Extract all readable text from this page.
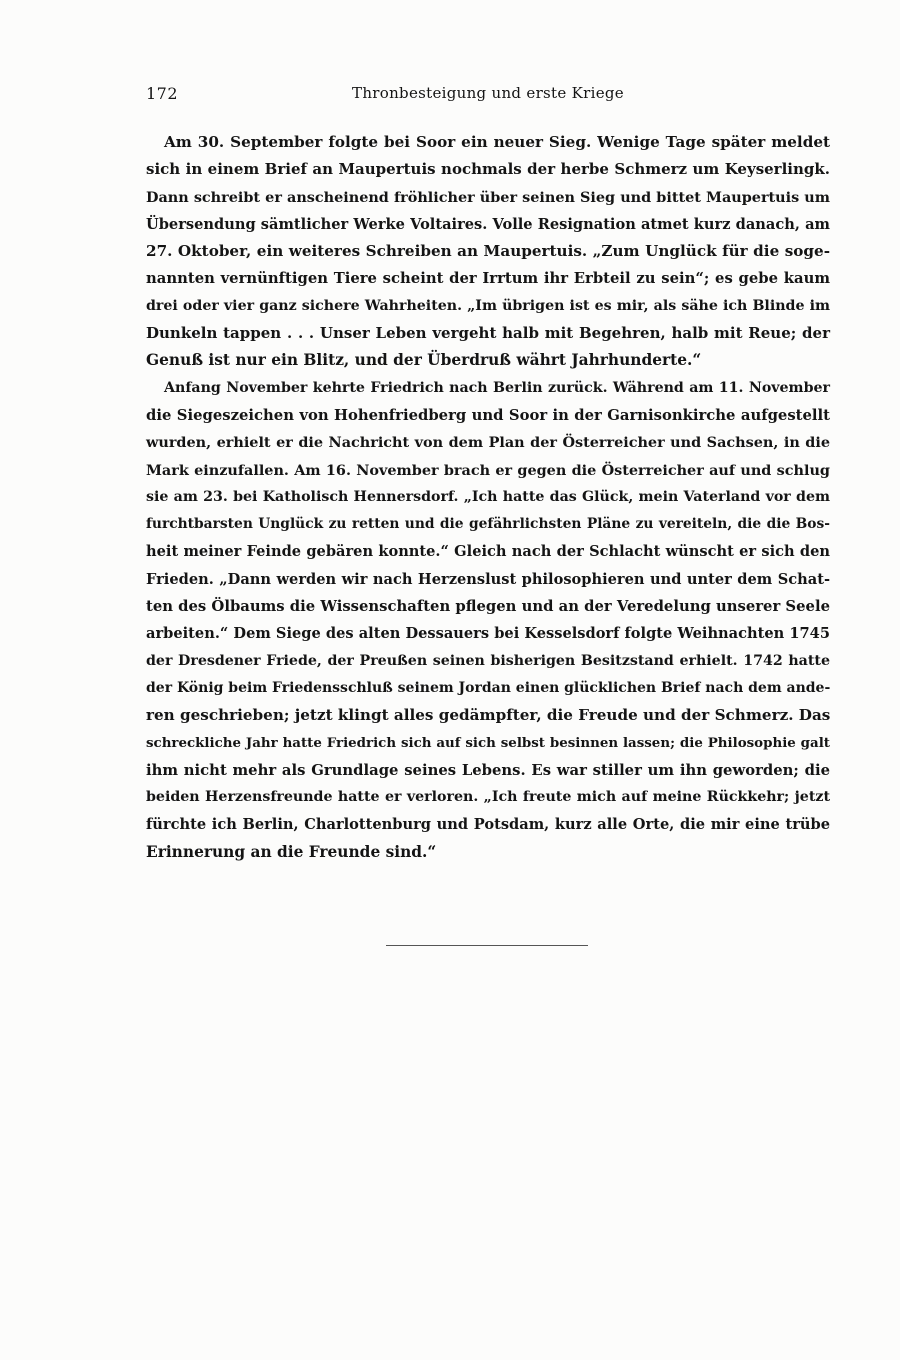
172	Thronbesteigung und erste Kriege
Am 30. September folgte bei Soor ein neuer Sieg. Wenige Tage später meldet
sich in einem Brief an Maupertuis nochmals der herbe Schmerz um Keyserlingk.
Dann schreibt er anscheinend fröhlicher über seinen Sieg und bittet Maupertuis um
Übersendung sämtlicher Werke Voltaires. Volle Resignation atmet kurz danach, am
27. Oktober, ein weiteres Schreiben an Maupertuis. „Zum Unglück für die soge-
nannten vernünftigen Tiere scheint der Irrtum ihr Erbteil zu sein“; es gebe kaum
drei oder vier ganz sichere Wahrheiten. „Im übrigen ist es mir, als sähe ich Blinde im
Dunkeln tappen . . . Unser Leben vergeht halb mit Begehren, halb mit Reue; der
Genuß ist nur ein Blitz, und der Überdruß währt Jahrhunderte.“
Anfang November kehrte Friedrich nach Berlin zurück. Während am 11. November
die Siegeszeichen von Hohenfriedberg und Soor in der Garnisonkirche aufgestellt
wurden, erhielt er die Nachricht von dem Plan der Österreicher und Sachsen, in die
Mark einzufallen. Am 16. November brach er gegen die Österreicher auf und schlug
sie am 23. bei Katholisch Hennersdorf. „Ich hatte das Glück, mein Vaterland vor dem
furchtbarsten Unglück zu retten und die gefährlichsten Pläne zu vereiteln, die die Bos-
heit meiner Feinde gebären konnte.“ Gleich nach der Schlacht wünscht er sich den
Frieden. „Dann werden wir nach Herzenslust philosophieren und unter dem Schat-
ten des Ölbaums die Wissenschaften pflegen und an der Veredelung unserer Seele
arbeiten.“ Dem Siege des alten Dessauers bei Kesselsdorf folgte Weihnachten 1745
der Dresdener Friede, der Preußen seinen bisherigen Besitzstand erhielt. 1742 hatte
der König beim Friedensschluß seinem Jordan einen glücklichen Brief nach dem ande-
ren geschrieben; jetzt klingt alles gedämpfter, die Freude und der Schmerz. Das
schreckliche Jahr hatte Friedrich sich auf sich selbst besinnen lassen; die Philosophie galt
ihm nicht mehr als Grundlage seines Lebens. Es war stiller um ihn geworden; die
beiden Herzensfreunde hatte er verloren. „Ich freute mich auf meine Rückkehr; jetzt
fürchte ich Berlin, Charlottenburg und Potsdam, kurz alle Orte, die mir eine trübe
Erinnerung an die Freunde sind.“
